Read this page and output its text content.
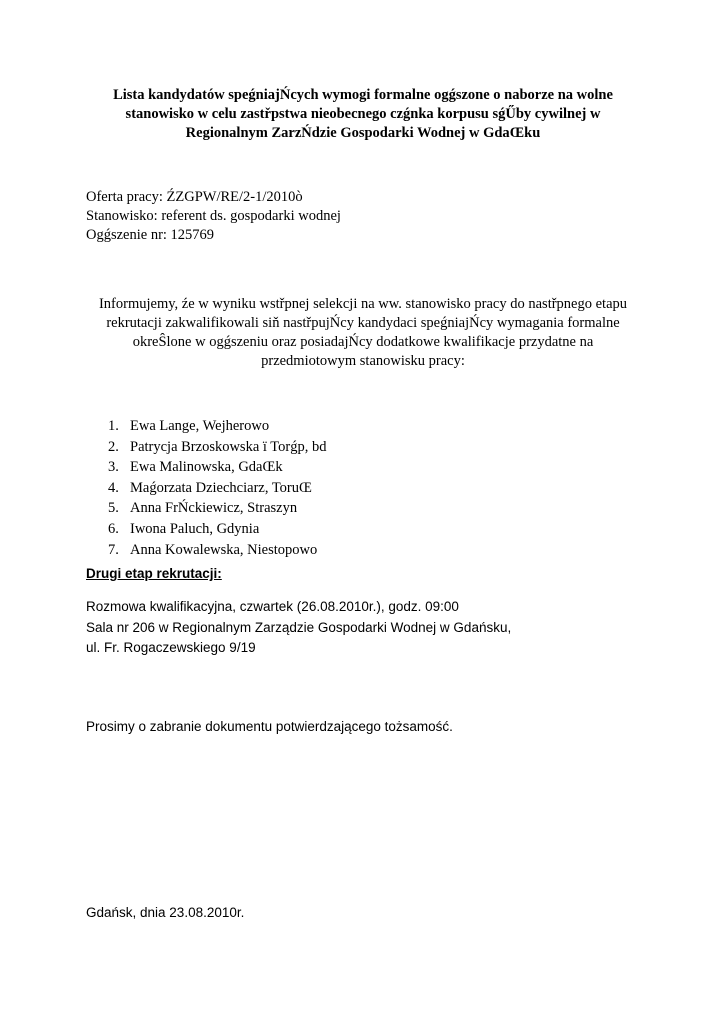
Lista kandydatów speǵniajŃcych wymogi formalne ogǵszone o naborze na wolne
stanowisko w celu zastřpstwa nieobecnego czǵnka korpusu sǵŰby cywilnej w
Regionalnym ZarzŃdzie Gospodarki Wodnej w GdaŒku
Oferta pracy: ŹZGPW/RE/2-1/2010ò
Stanowisko: referent ds. gospodarki wodnej
Ogǵszenie nr: 125769
Informujemy, źe w wyniku wstřpnej selekcji na ww. stanowisko pracy do nastřpnego etapu
rekrutacji zakwalifikowali siň nastřpujŃcy kandydaci speǵniajŃcy wymagania formalne
okreŜlone w ogǵszeniu oraz posiadajŃcy dodatkowe kwalifikacje przydatne na
przedmiotowym stanowisku pracy:
1. Ewa Lange, Wejherowo
2. Patrycja Brzoskowska ï Torǵp, bd
3. Ewa Malinowska, GdaŒk
4. Maǵorzata Dziechciarz, ToruŒ
5. Anna FrŃckiewicz, Straszyn
6. Iwona Paluch, Gdynia
7. Anna Kowalewska, Niestopowo
Drugi etap rekrutacji:
Rozmowa kwalifikacyjna, czwartek (26.08.2010r.), godz. 09:00
Sala nr 206 w Regionalnym Zarządzie Gospodarki Wodnej w Gdańsku,
ul. Fr. Rogaczewskiego 9/19
Prosimy o zabranie dokumentu potwierdzającego tożsamość.
Gdańsk, dnia 23.08.2010r.
